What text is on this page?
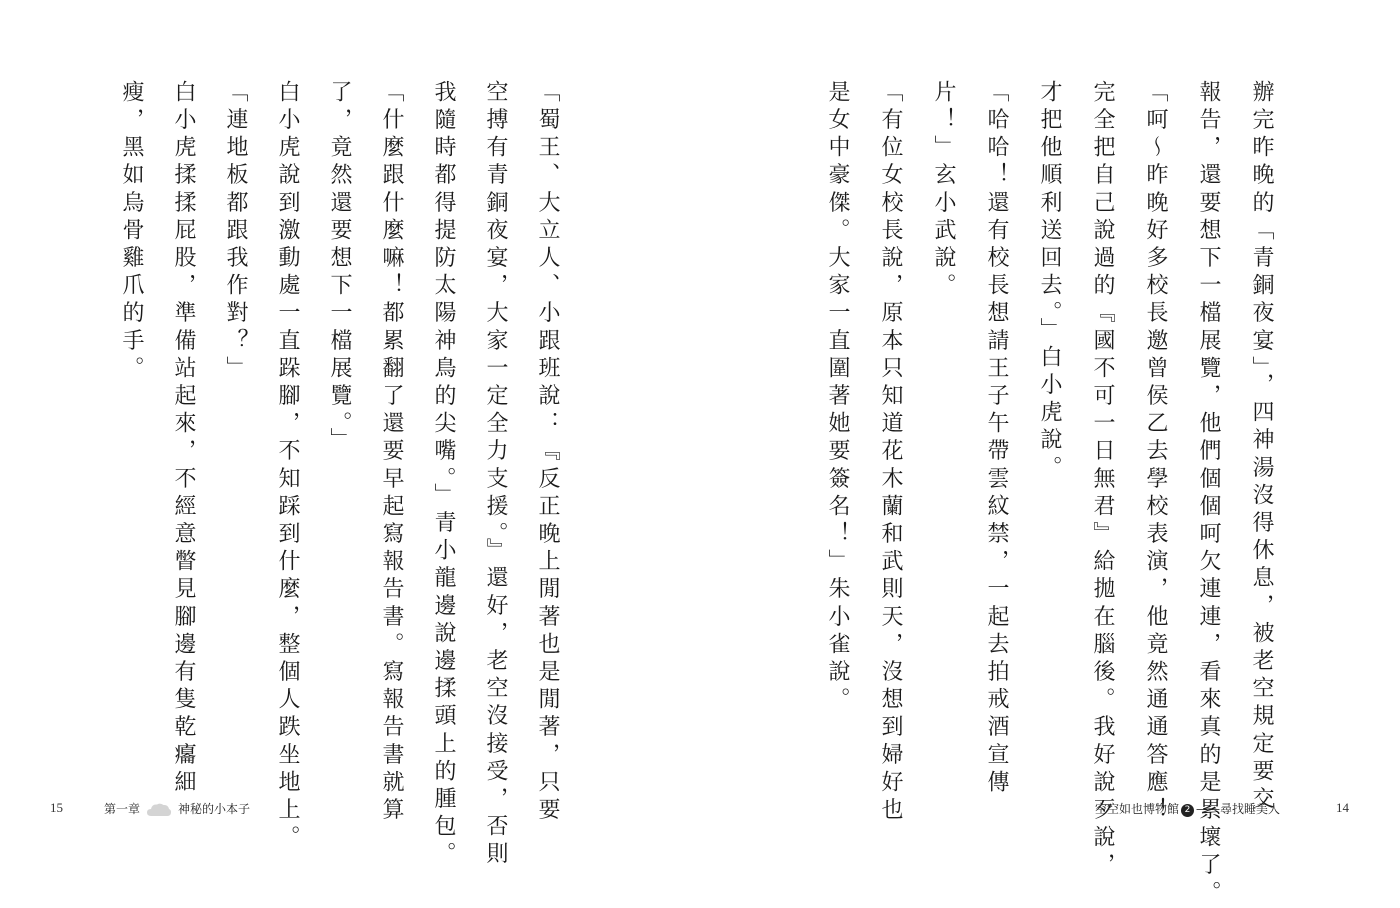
「蜀王、大立人、小跟班說：『反正晚上閒著也是閒著，只要
空搏有青銅夜宴，大家一定全力支援。』還好，老空沒接受，否則
我隨時都得提防太陽神鳥的尖嘴。」青小龍邊說邊揉頭上的腫包。
「什麼跟什麼嘛！都累翻了還要早起寫報告書。寫報告書就算
了，竟然還要想下一檔展覽。」
白小虎說到激動處一直跺腳，不知踩到什麼，整個人跌坐地上。
「連地板都跟我作對？」
白小虎揉揉屁股，準備站起來，不經意瞥見腳邊有隻乾癟細
瘦，黑如烏骨雞爪的手。
15	第一章	神秘的小本子	辦完昨晚的「青銅夜宴」，四神湯沒得休息，被老空規定要交
報告，還要想下一檔展覽，他們個個呵欠連連，看來真的是累壞了。
「呵～昨晚好多校長邀曾侯乙去學校表演，他竟然通通答應！
完全把自己說過的『國不可一日無君』給拋在腦後。我好說歹說，
才把他順利送回去。」白小虎說。
「哈哈！還有校長想請王子午帶雲紋禁，一起去拍戒酒宣傳
片！」玄小武說。
「有位女校長說，原本只知道花木蘭和武則天，沒想到婦好也
是女中豪傑。大家一直圍著她要簽名！」朱小雀說。
空空如也博物館 2 ——尋找睡美人	14
